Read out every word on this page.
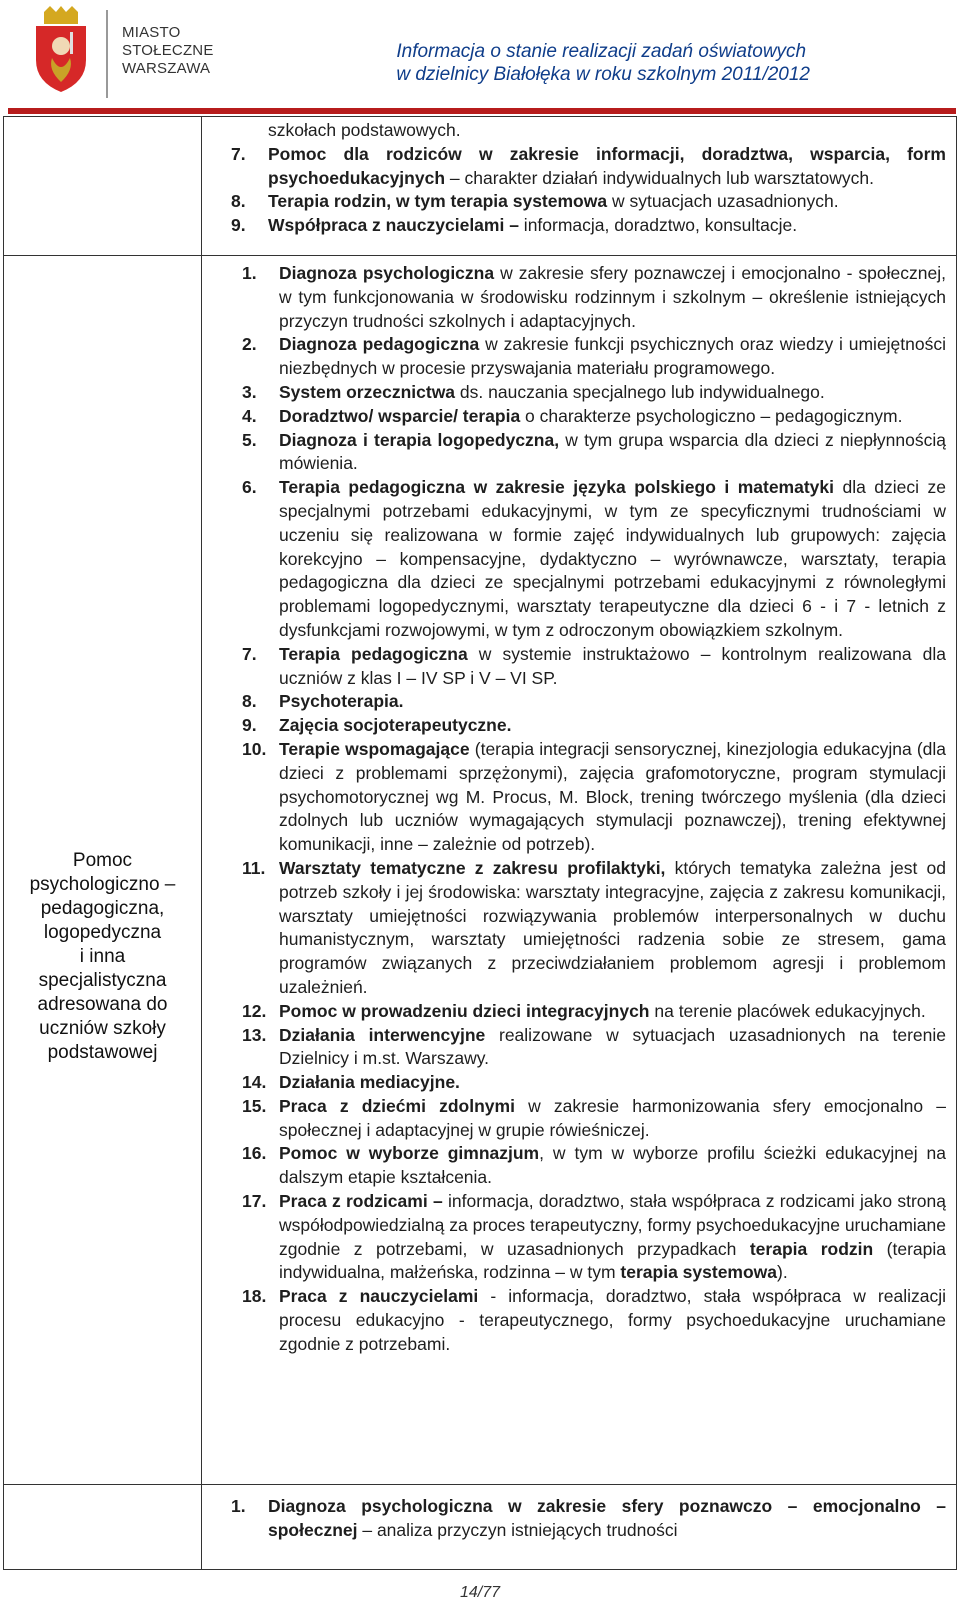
MIASTO
STOŁECZNE
WARSZAWA
Informacja o stanie realizacji zadań oświatowych
w dzielnicy Białołęka w roku szkolnym 2011/2012
Pomoc
psychologiczno –
pedagogiczna,
logopedyczna
i inna
specjalistyczna
adresowana do
uczniów szkoły
podstawowej
szkołach podstawowych.
7. Pomoc dla rodziców w zakresie informacji, doradztwa, wsparcia, form psychoedukacyjnych – charakter działań indywidualnych lub warsztatowych.
8. Terapia rodzin, w tym terapia systemowa w sytuacjach uzasadnionych.
9. Współpraca z nauczycielami – informacja, doradztwo, konsultacje.
1. Diagnoza psychologiczna w zakresie sfery poznawczej i emocjonalno - społecznej, w tym funkcjonowania w środowisku rodzinnym i szkolnym – określenie istniejących przyczyn trudności szkolnych i adaptacyjnych.
2. Diagnoza pedagogiczna w zakresie funkcji psychicznych oraz wiedzy i umiejętności niezbędnych w procesie przyswajania materiału programowego.
3. System orzecznictwa ds. nauczania specjalnego lub indywidualnego.
4. Doradztwo/ wsparcie/ terapia o charakterze psychologiczno – pedagogicznym.
5. Diagnoza i terapia logopedyczna, w tym grupa wsparcia dla dzieci z niepłynnością mówienia.
6. Terapia pedagogiczna w zakresie języka polskiego i matematyki dla dzieci ze specjalnymi potrzebami edukacyjnymi, w tym ze specyficznymi trudnościami w uczeniu się realizowana w formie zajęć indywidualnych lub grupowych: zajęcia korekcyjno – kompensacyjne, dydaktyczno – wyrównawcze, warsztaty, terapia pedagogiczna dla dzieci ze specjalnymi potrzebami edukacyjnymi z równoległymi problemami logopedycznymi, warsztaty terapeutyczne dla dzieci 6 - i 7 - letnich z dysfunkcjami rozwojowymi, w tym z odroczonym obowiązkiem szkolnym.
7. Terapia pedagogiczna w systemie instruktażowo – kontrolnym realizowana dla uczniów z klas I – IV SP i V – VI SP.
8. Psychoterapia.
9. Zajęcia socjoterapeutyczne.
10. Terapie wspomagające (terapia integracji sensorycznej, kinezjologia edukacyjna (dla dzieci z problemami sprzężonymi), zajęcia grafomotoryczne, program stymulacji psychomotorycznej wg M. Procus, M. Block, trening twórczego myślenia (dla dzieci zdolnych lub uczniów wymagających stymulacji poznawczej), trening efektywnej komunikacji, inne – zależnie od potrzeb).
11. Warsztaty tematyczne z zakresu profilaktyki, których tematyka zależna jest od potrzeb szkoły i jej środowiska: warsztaty integracyjne, zajęcia z zakresu komunikacji, warsztaty umiejętności rozwiązywania problemów interpersonalnych w duchu humanistycznym, warsztaty umiejętności radzenia sobie ze stresem, gama programów związanych z przeciwdziałaniem problemom agresji i problemom uzależnień.
12. Pomoc w prowadzeniu dzieci integracyjnych na terenie placówek edukacyjnych.
13. Działania interwencyjne realizowane w sytuacjach uzasadnionych na terenie Dzielnicy i m.st. Warszawy.
14. Działania mediacyjne.
15. Praca z dziećmi zdolnymi w zakresie harmonizowania sfery emocjonalno – społecznej i adaptacyjnej w grupie rówieśniczej.
16. Pomoc w wyborze gimnazjum, w tym w wyborze profilu ścieżki edukacyjnej na dalszym etapie kształcenia.
17. Praca z rodzicami – informacja, doradztwo, stała współpraca z rodzicami jako stroną współodpowiedzialną za proces terapeutyczny, formy psychoedukacyjne uruchamiane zgodnie z potrzebami, w uzasadnionych przypadkach terapia rodzin (terapia indywidualna, małżeńska, rodzinna – w tym terapia systemowa).
18. Praca z nauczycielami - informacja, doradztwo, stała współpraca w realizacji procesu edukacyjno - terapeutycznego, formy psychoedukacyjne uruchamiane zgodnie z potrzebami.
1. Diagnoza psychologiczna w zakresie sfery poznawczo – emocjonalno – społecznej – analiza przyczyn istniejących trudności
14/77
